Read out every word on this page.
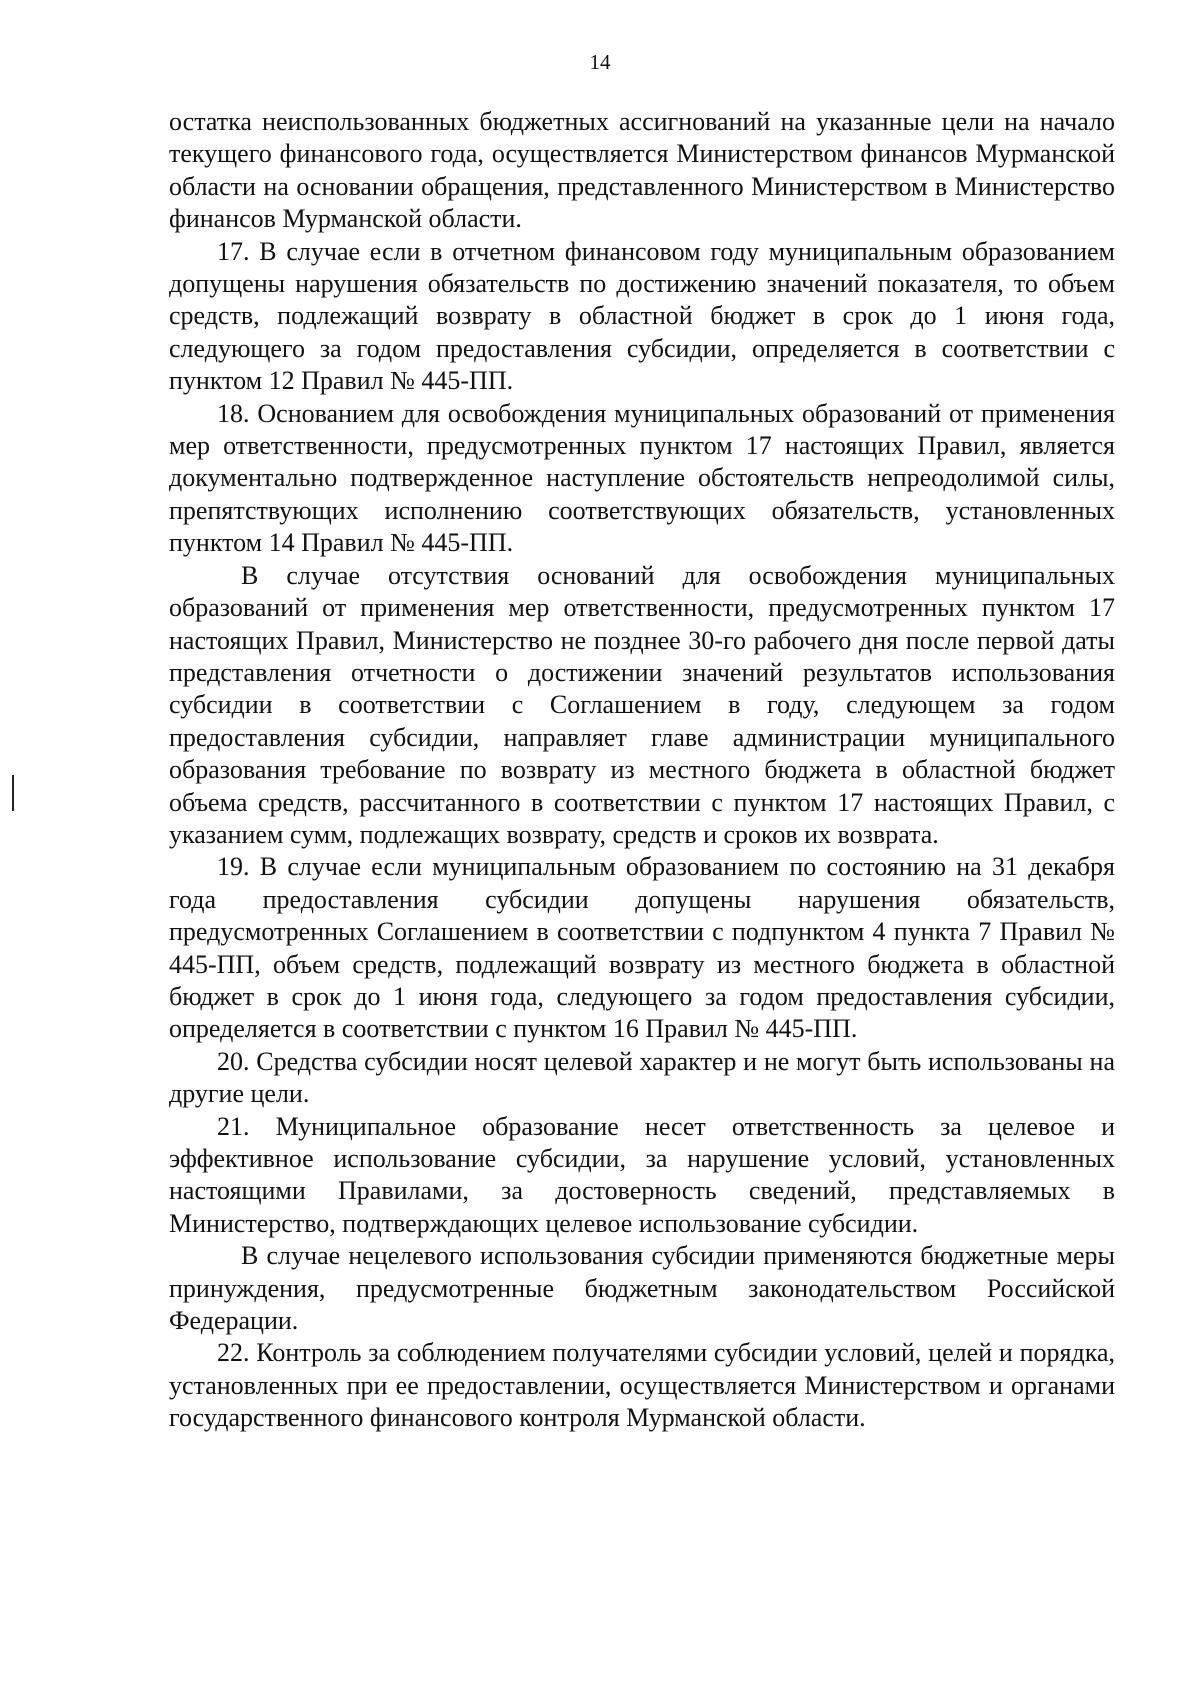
14

остатка неиспользованных бюджетных ассигнований на указанные цели на начало текущего финансового года, осуществляется Министерством финансов Мурманской области на основании обращения, представленного Министерством в Министерство финансов Мурманской области.

17. В случае если в отчетном финансовом году муниципальным образованием допущены нарушения обязательств по достижению значений показателя, то объем средств, подлежащий возврату в областной бюджет в срок до 1 июня года, следующего за годом предоставления субсидии, определяется в соответствии с пунктом 12 Правил № 445-ПП.

18. Основанием для освобождения муниципальных образований от применения мер ответственности, предусмотренных пунктом 17 настоящих Правил, является документально подтвержденное наступление обстоятельств непреодолимой силы, препятствующих исполнению соответствующих обязательств, установленных пунктом 14 Правил № 445-ПП.

В случае отсутствия оснований для освобождения муниципальных образований от применения мер ответственности, предусмотренных пунктом 17 настоящих Правил, Министерство не позднее 30-го рабочего дня после первой даты представления отчетности о достижении значений результатов использования субсидии в соответствии с Соглашением в году, следующем за годом предоставления субсидии, направляет главе администрации муниципального образования требование по возврату из местного бюджета в областной бюджет объема средств, рассчитанного в соответствии с пунктом 17 настоящих Правил, с указанием сумм, подлежащих возврату, средств и сроков их возврата.

19. В случае если муниципальным образованием по состоянию на 31 декабря года предоставления субсидии допущены нарушения обязательств, предусмотренных Соглашением в соответствии с подпунктом 4 пункта 7 Правил № 445-ПП, объем средств, подлежащий возврату из местного бюджета в областной бюджет в срок до 1 июня года, следующего за годом предоставления субсидии, определяется в соответствии с пунктом 16 Правил № 445-ПП.

20. Средства субсидии носят целевой характер и не могут быть использованы на другие цели.

21. Муниципальное образование несет ответственность за целевое и эффективное использование субсидии, за нарушение условий, установленных настоящими Правилами, за достоверность сведений, представляемых в Министерство, подтверждающих целевое использование субсидии.

В случае нецелевого использования субсидии применяются бюджетные меры принуждения, предусмотренные бюджетным законодательством Российской Федерации.

22. Контроль за соблюдением получателями субсидии условий, целей и порядка, установленных при ее предоставлении, осуществляется Министерством и органами государственного финансового контроля Мурманской области.
